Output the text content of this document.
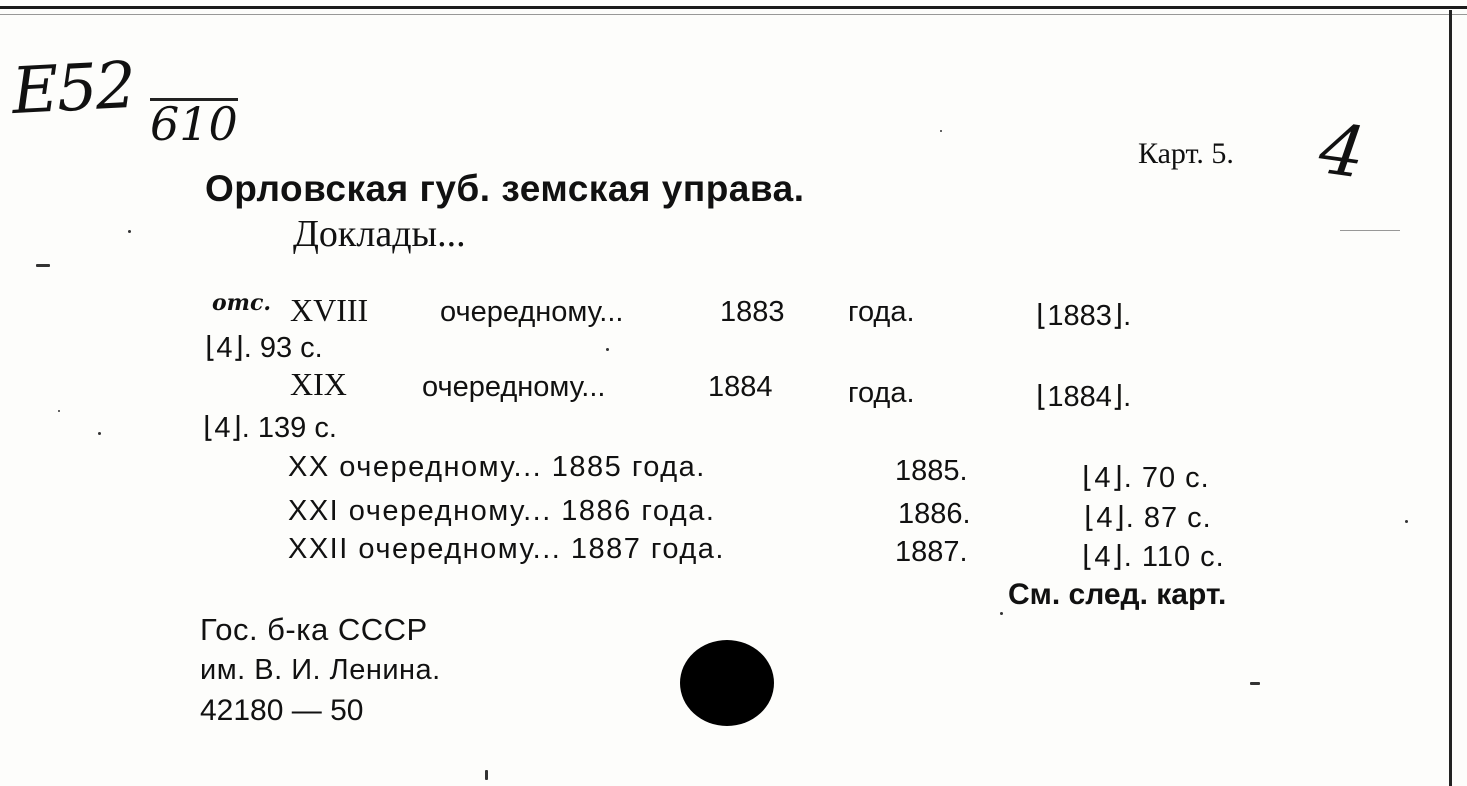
Е52 610
Карт. 5. 4
Орловская губ. земская управа.
Доклады...
отс. XVIII очередному...	1883 года.	⌊1883⌋.
⌊4⌋. 93 с.
XIX	очередному...	1884	года.	⌊1884⌋.
⌊4⌋. 139 с.
XX очередному... 1885 года.	1885.	⌊4⌋. 70 с.
XXI очередному... 1886 года.	1886.	⌊4⌋. 87 с.
XXII очередному... 1887 года.	1887.	⌊4⌋. 110 с.
См. след. карт.
Гос. б-ка СССР
им. В. И. Ленина.
42180 — 50
